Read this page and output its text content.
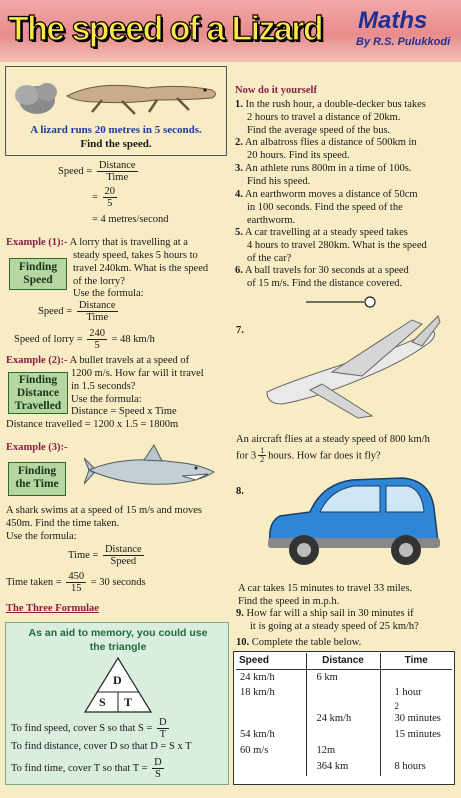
The speed of a Lizard Maths
By R.S. Pulukkodi
A lizard runs 20 metres in 5 seconds.
Find the speed.
Speed = $\frac{\text{Distance}}{\text{Time}}$
= $\frac{20}{5}$
= 4 metres/second
Example (1):- A lorry that is travelling at a
steady speed, takes 5 hours to
travel 240km. What is the speed
of the lorry?
Use the formula:
Finding Speed
Speed = $\frac{\text{Distance}}{\text{Time}}$
Speed of lorry = $\frac{240}{5} = 48$ km/h
Example (2):- A bullet travels at a speed of
1200 m/s. How far will it travel
in 1.5 seconds?
Use the formula:
Distance = Speed x Time
Finding Distance Travelled
Distance travelled = 1200 x 1.5 = 1800m
Example (3):-
Finding the Time
A shark swims at a speed of 15 m/s and moves
450m. Find the time taken.
Use the formula:
Time = $\frac{\text{Distance}}{\text{Speed}}$
Time taken = $\frac{450}{15} = 30$ seconds
The Three Formulae
As an aid to memory, you could use
the triangle
D
S T
To find speed, cover S so that $S = \frac{D}{T}$
To find distance, cover D so that D = S x T
To find time, cover T so that $T = \frac{D}{S}$
Now do it yourself
1. In the rush hour, a double-decker bus takes
2 hours to travel a distance of 20km.
Find the average speed of the bus.
2. An albatross flies a distance of 500km in
20 hours. Find its speed.
3. An athlete runs 800m in a time of 100s.
Find his speed.
4. An earthworm moves a distance of 50cm
in 100 seconds. Find the speed of the
earthworm.
5. A car travelling at a steady speed takes
4 hours to travel 280km. What is the speed
of the car?
6. A ball travels for 30 seconds at a speed
of 15 m/s. Find the distance covered.
7.
An aircraft flies at a steady speed of 800 km/h
for $3 \frac{1}{2}$ hours. How far does it fly?
8.
A car takes 15 minutes to travel 33 miles.
Find the speed in m.p.h.
9. How far will a ship sail in 30 minutes if
it is going at a steady speed of 25 km/h?
10. Complete the table below.
Speed	Distance	Time
24 km/h	6 km	
18 km/h		1 hour
		2
	24 km/h	30 minutes
54 km/h		15 minutes
60 m/s	12m	
	364 km	8 hours
